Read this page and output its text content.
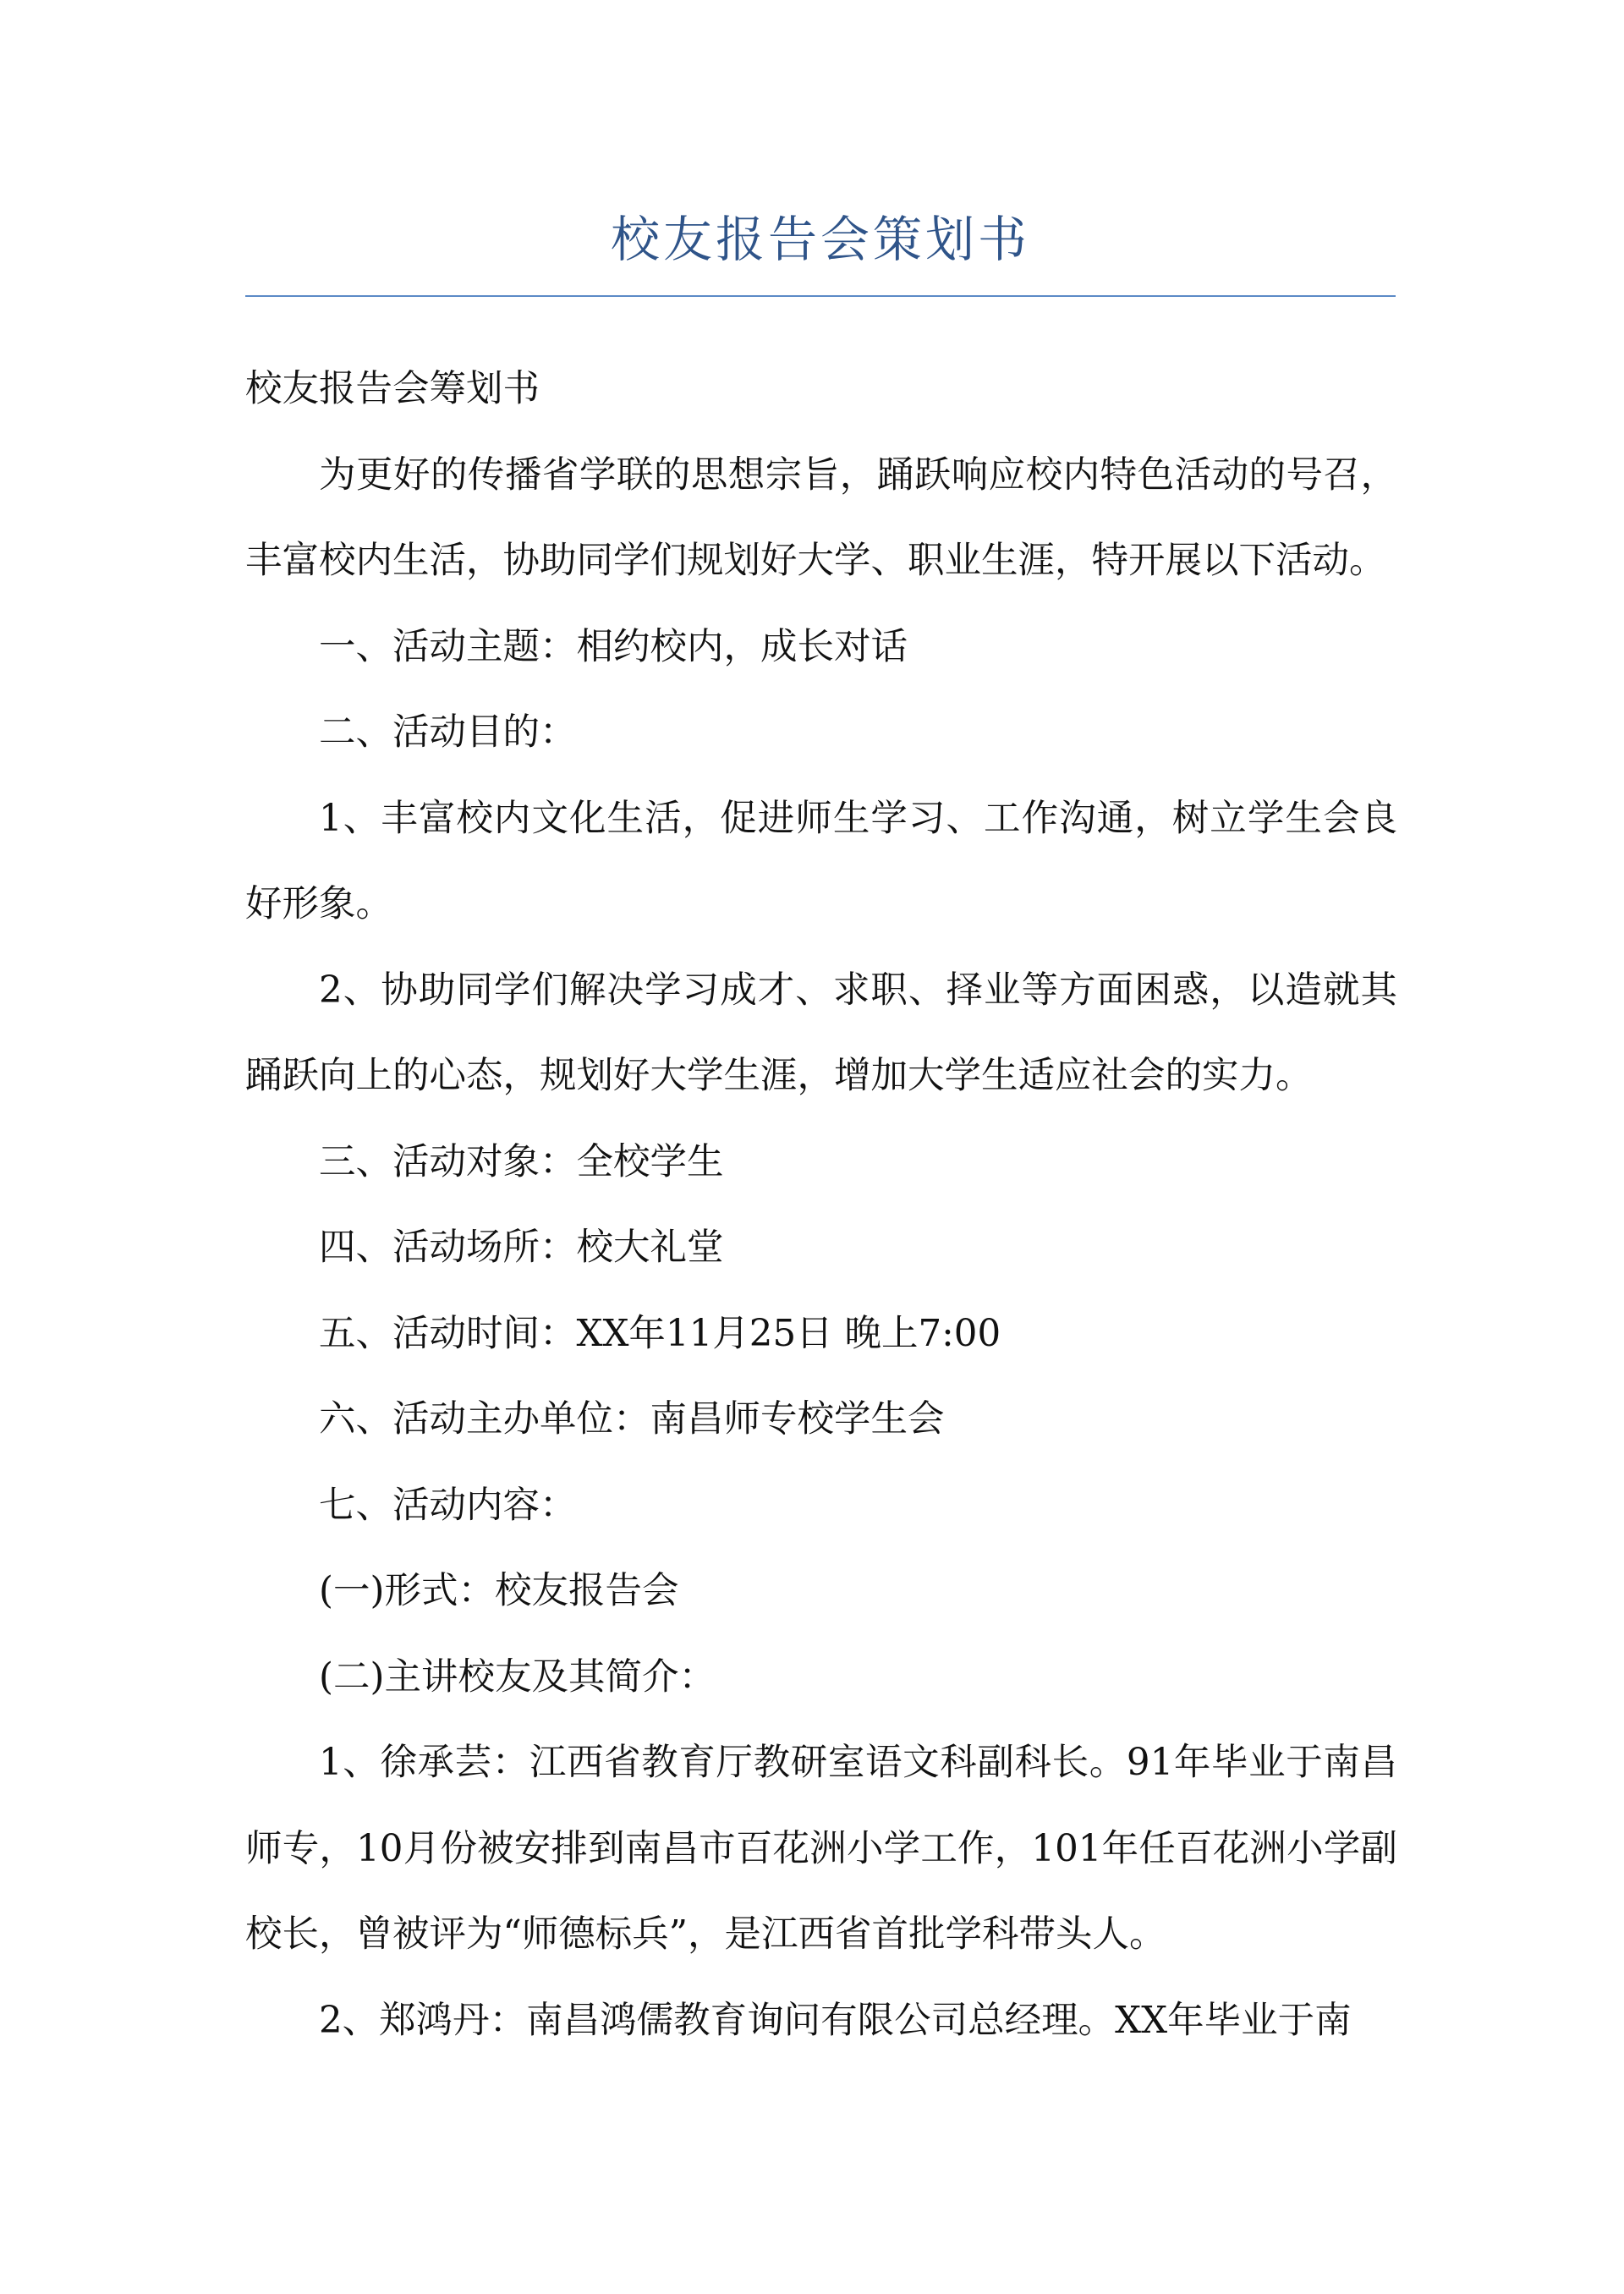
校友报告会策划书

校友报告会筹划书

为更好的传播省学联的思想宗旨，踊跃响应校内特色活动的号召，丰富校内生活，协助同学们规划好大学、职业生涯，特开展以下活动。

一、活动主题：相约校内，成长对话

二、活动目的：

1、丰富校内文化生活，促进师生学习、工作沟通，树立学生会良好形象。

2、协助同学们解决学习成才、求职、择业等方面困惑，以造就其踊跃向上的心态，规划好大学生涯，增加大学生适应社会的实力。

三、活动对象：全校学生

四、活动场所：校大礼堂

五、活动时间：XX年11月25日 晚上7:00

六、活动主办单位：南昌师专校学生会

七、活动内容：

(一)形式：校友报告会

(二)主讲校友及其简介：

1、徐承芸：江西省教育厅教研室语文科副科长。91年毕业于南昌师专，10月份被安排到南昌市百花洲小学工作，101年任百花洲小学副校长，曾被评为“师德标兵”，是江西省首批学科带头人。

2、郑鸿丹：南昌鸿儒教育询问有限公司总经理。XX年毕业于南
